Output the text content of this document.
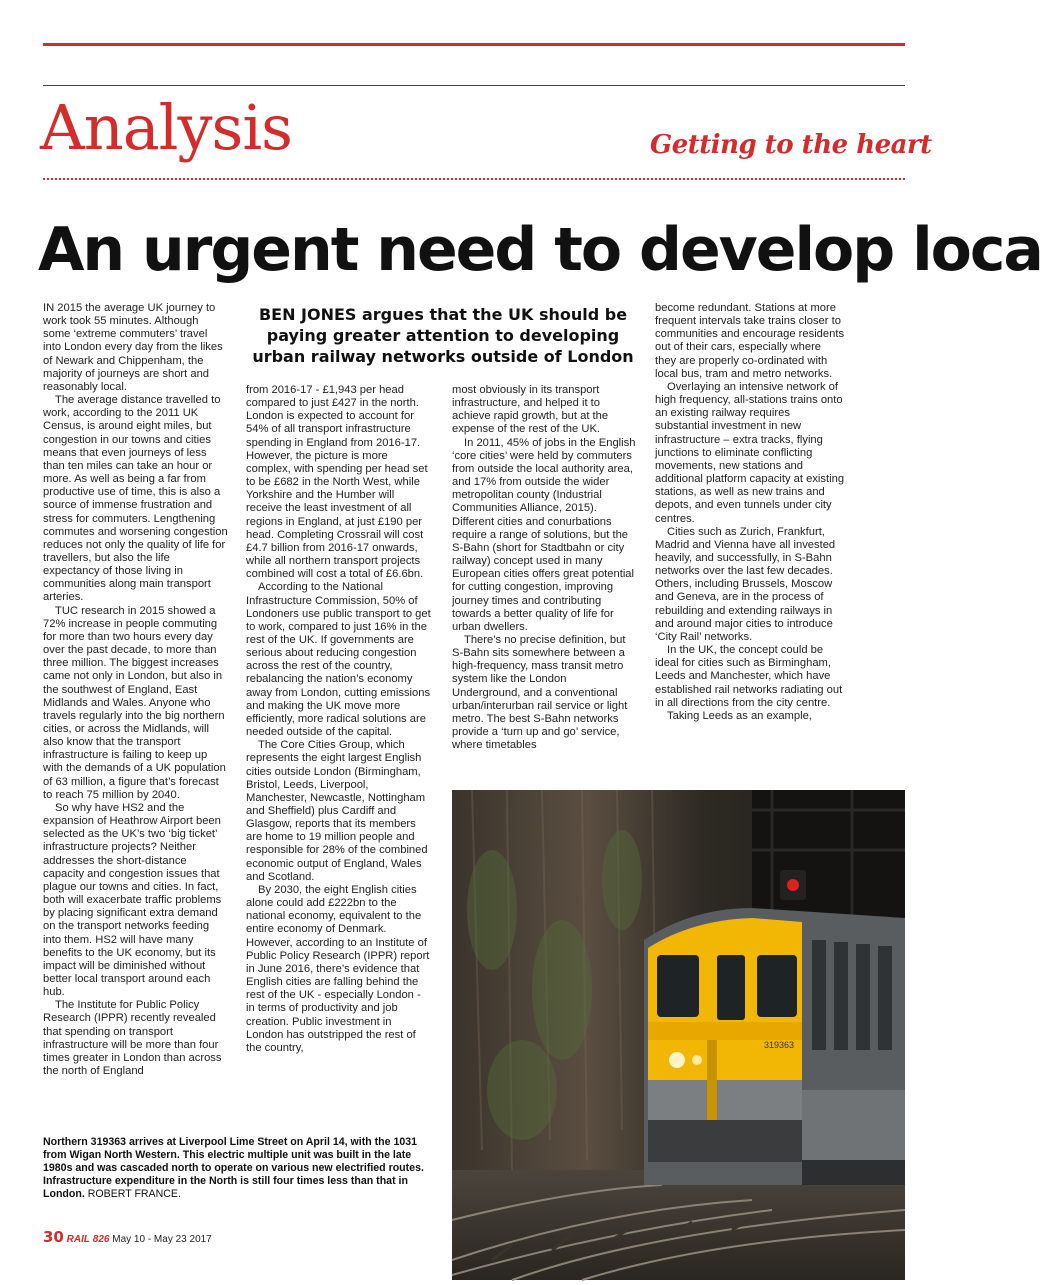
Analysis	Getting to the heart
An urgent need to develop loca
BEN JONES argues that the UK should be paying greater attention to developing urban railway networks outside of London

IN 2015 the average UK journey to work took 55 minutes. Although some ‘extreme commuters’ travel into London every day from the likes of Newark and Chippenham, the majority of journeys are short and reasonably local.

The average distance travelled to work, according to the 2011 UK Census, is around eight miles, but congestion in our towns and cities means that even journeys of less than ten miles can take an hour or more. As well as being a far from productive use of time, this is also a source of immense frustration and stress for commuters. Lengthening commutes and worsening congestion reduces not only the quality of life for travellers, but also the life expectancy of those living in communities along main transport arteries.

TUC research in 2015 showed a 72% increase in people commuting for more than two hours every day over the past decade, to more than three million. The biggest increases came not only in London, but also in the southwest of England, East Midlands and Wales. Anyone who travels regularly into the big northern cities, or across the Midlands, will also know that the transport infrastructure is failing to keep up with the demands of a UK population of 63 million, a figure that’s forecast to reach 75 million by 2040.

So why have HS2 and the expansion of Heathrow Airport been selected as the UK’s two ‘big ticket’ infrastructure projects? Neither addresses the short-distance capacity and congestion issues that plague our towns and cities. In fact, both will exacerbate traffic problems by placing significant extra demand on the transport networks feeding into them. HS2 will have many benefits to the UK economy, but its impact will be diminished without better local transport around each hub.

The Institute for Public Policy Research (IPPR) recently revealed that spending on transport infrastructure will be more than four times greater in London than across the north of England

from 2016-17 - £1,943 per head compared to just £427 in the north. London is expected to account for 54% of all transport infrastructure spending in England from 2016-17. However, the picture is more complex, with spending per head set to be £682 in the North West, while Yorkshire and the Humber will receive the least investment of all regions in England, at just £190 per head. Completing Crossrail will cost £4.7 billion from 2016-17 onwards, while all northern transport projects combined will cost a total of £6.6bn.

According to the National Infrastructure Commission, 50% of Londoners use public transport to get to work, compared to just 16% in the rest of the UK. If governments are serious about reducing congestion across the rest of the country, rebalancing the nation’s economy away from London, cutting emissions and making the UK move more efficiently, more radical solutions are needed outside of the capital.

The Core Cities Group, which represents the eight largest English cities outside London (Birmingham, Bristol, Leeds, Liverpool, Manchester, Newcastle, Nottingham and Sheffield) plus Cardiff and Glasgow, reports that its members are home to 19 million people and responsible for 28% of the combined economic output of England, Wales and Scotland.

By 2030, the eight English cities alone could add £222bn to the national economy, equivalent to the entire economy of Denmark. However, according to an Institute of Public Policy Research (IPPR) report in June 2016, there’s evidence that English cities are falling behind the rest of the UK - especially London - in terms of productivity and job creation. Public investment in London has outstripped the rest of the country,

most obviously in its transport infrastructure, and helped it to achieve rapid growth, but at the expense of the rest of the UK.

In 2011, 45% of jobs in the English ‘core cities’ were held by commuters from outside the local authority area, and 17% from outside the wider metropolitan county (Industrial Communities Alliance, 2015). Different cities and conurbations require a range of solutions, but the S-Bahn (short for Stadtbahn or city railway) concept used in many European cities offers great potential for cutting congestion, improving journey times and contributing towards a better quality of life for urban dwellers.

There’s no precise definition, but S-Bahn sits somewhere between a high-frequency, mass transit metro system like the London Underground, and a conventional urban/interurban rail service or light metro. The best S-Bahn networks provide a ‘turn up and go’ service, where timetables

become redundant. Stations at more frequent intervals take trains closer to communities and encourage residents out of their cars, especially where they are properly co-ordinated with local bus, tram and metro networks.

Overlaying an intensive network of high frequency, all-stations trains onto an existing railway requires substantial investment in new infrastructure – extra tracks, flying junctions to eliminate conflicting movements, new stations and additional platform capacity at existing stations, as well as new trains and depots, and even tunnels under city centres.

Cities such as Zurich, Frankfurt, Madrid and Vienna have all invested heavily, and successfully, in S-Bahn networks over the last few decades. Others, including Brussels, Moscow and Geneva, are in the process of rebuilding and extending railways in and around major cities to introduce ‘City Rail’ networks.

In the UK, the concept could be ideal for cities such as Birmingham, Leeds and Manchester, which have established rail networks radiating out in all directions from the city centre.

Taking Leeds as an example,

319363
Northern 319363 arrives at Liverpool Lime Street on April 14, with the 1031 from Wigan North Western. This electric multiple unit was built in the late 1980s and was cascaded north to operate on various new electrified routes. Infrastructure expenditure in the North is still four times less than that in London. ROBERT FRANCE.
30 RAIL 826 May 10 - May 23 2017
